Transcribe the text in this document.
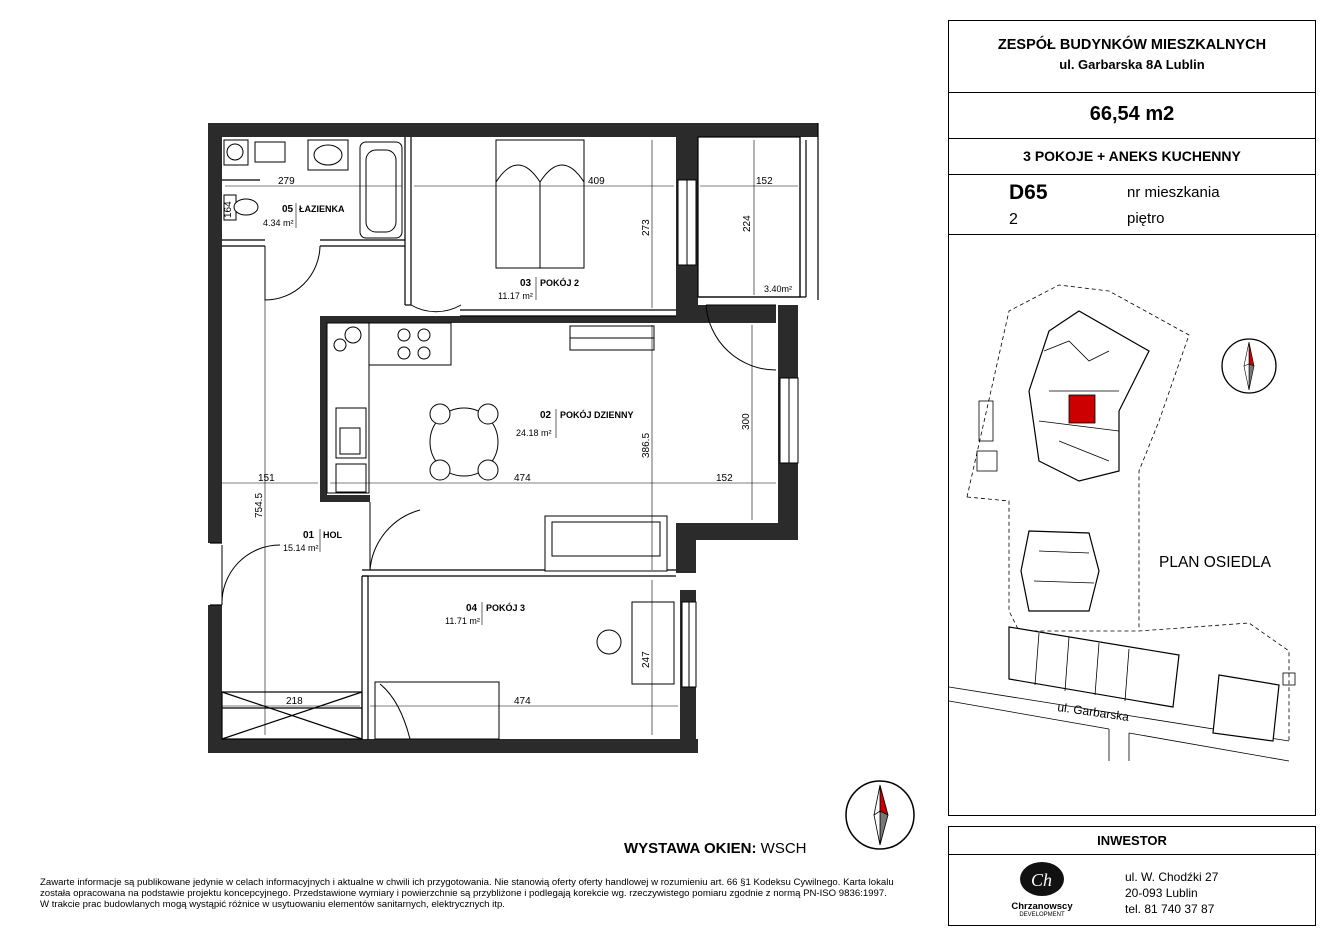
279	409	152
151	474	152
218	474
3.40m²
164
273	224
300
386.5
754.5
247
05 ŁAZIENKA
4.34 m²
03 POKÓJ 2
11.17 m²
02 POKÓJ DZIENNY
24.18 m²
01 HOL
15.14 m²
04 POKÓJ 3
11.71 m²
ZESPÓŁ BUDYNKÓW MIESZKALNYCH
ul. Garbarska 8A Lublin
66,54 m2
3 POKOJE + ANEKS KUCHENNY
D65	nr mieszkania
2	piętro
PLAN OSIEDLA
ul. Garbarska
INWESTOR
Ch
Chrzanowscy
DEVELOPMENT
ul. W. Chodźki 27
20-093 Lublin
tel. 81 740 37 87
WYSTAWA OKIEN: WSCH
Zawarte informacje są publikowane jedynie w celach informacyjnych i aktualne w chwili ich przygotowania. Nie stanowią oferty oferty handlowej w rozumieniu art. 66 §1 Kodeksu Cywilnego. Karta lokalu
została opracowana na podstawie projektu koncepcyjnego. Przedstawione wymiary i powierzchnie są przybliżone i podlegają korekcie wg. rzeczywistego pomiaru zgodnie z normą PN-ISO 9836:1997.
W trakcie prac budowlanych mogą wystąpić różnice w usytuowaniu elementów sanitarnych, elektrycznych itp.
